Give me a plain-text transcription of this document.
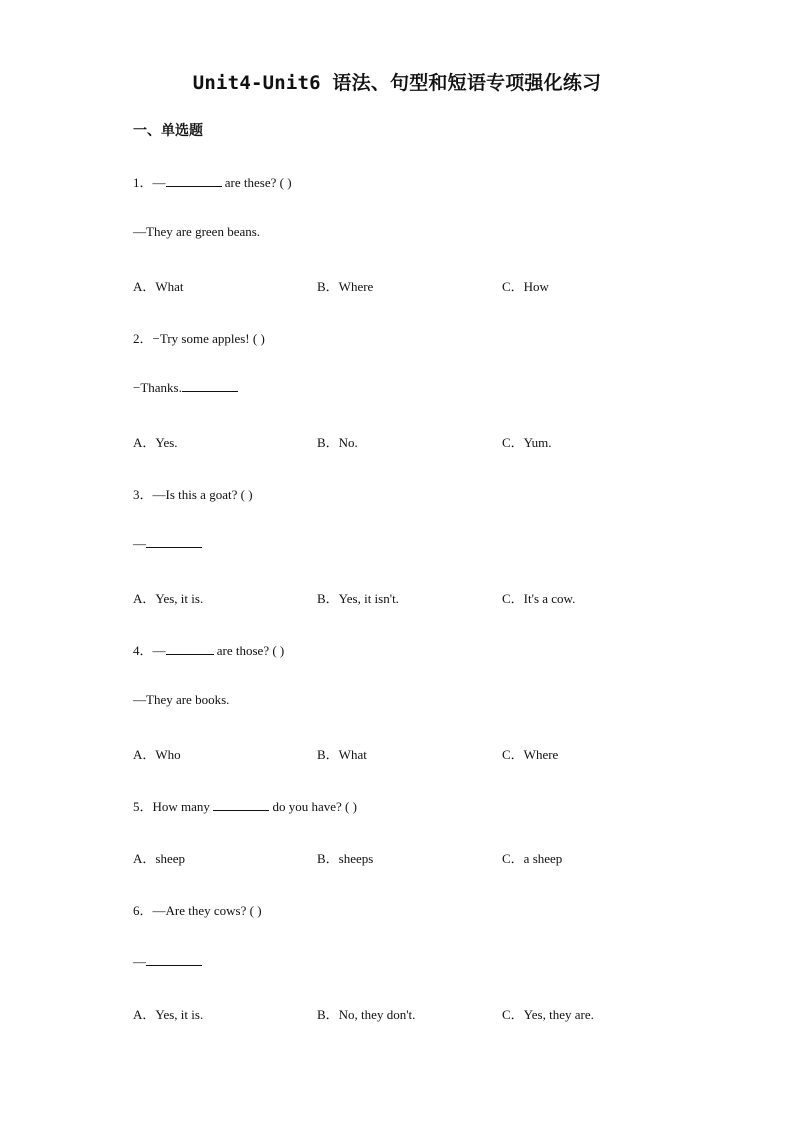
Unit4-Unit6 语法、句型和短语专项强化练习
一、单选题
1．—	are these? ( )
—They are green beans.
A．What	B．Where	C．How
2．−Try some apples! ( )
−Thanks.
A．Yes.	B．No.	C．Yum.
3．—Is this a goat? ( )
—
A．Yes, it is.	B．Yes, it isn't.	C．It's a cow.
4．—	are those? ( )
—They are books.
A．Who	B．What	C．Where
5．How many	do you have? ( )
A．sheep	B．sheeps	C．a sheep
6．—Are they cows? ( )
—
A．Yes, it is.	B．No, they don't.	C．Yes, they are.
